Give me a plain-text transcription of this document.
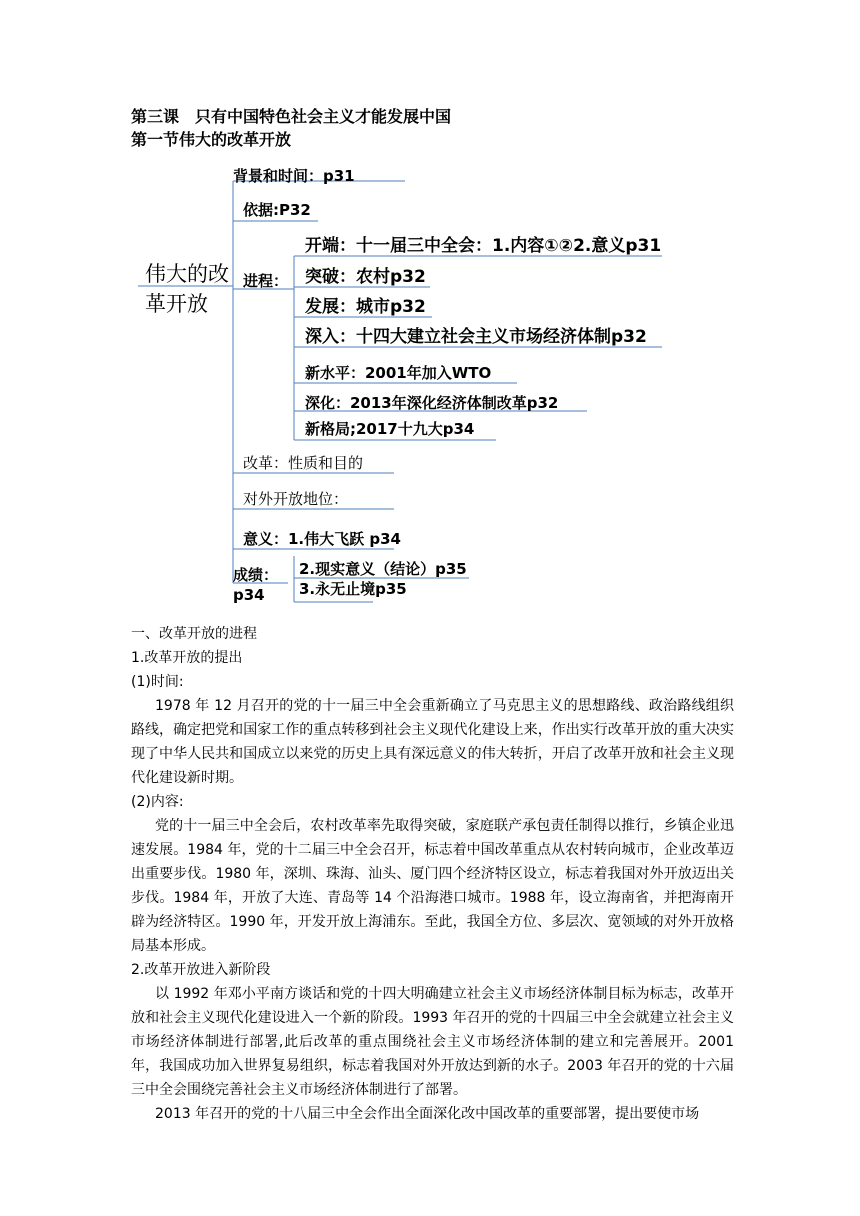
第三课　只有中国特色社会主义才能发展中国
第一节伟大的改革开放
伟大的改革开放
背景和时间：p31
依据:P32
进程：
开端：十一届三中全会：1.内容①②2.意义p31
突破：农村p32
发展：城市p32
深入：十四大建立社会主义市场经济体制p32
新水平：2001年加入WTO
深化：2013年深化经济体制改革p32
新格局;2017十九大p34
改革：性质和目的
对外开放地位：
意义：1.伟大飞跃 p34
成绩：
p34
2.现实意义（结论）p35
3.永无止境p35

一、改革开放的进程

1.改革开放的提出

(1)时间:

1978 年 12 月召开的党的十一届三中全会重新确立了马克思主义的思想路线、政治路线组织路线，确定把党和国家工作的重点转移到社会主义现代化建设上来，作出实行改革开放的重大决实现了中华人民共和国成立以来党的历史上具有深远意义的伟大转折，开启了改革开放和社会主义现代化建设新时期。

(2)内容:

党的十一届三中全会后，农村改革率先取得突破，家庭联产承包责任制得以推行，乡镇企业迅速发展。1984 年，党的十二届三中全会召开，标志着中国改革重点从农村转向城市，企业改革迈出重要步伐。1980 年，深圳、珠海、汕头、厦门四个经济特区设立，标志着我国对外开放迈出关步伐。1984 年，开放了大连、青岛等 14 个沿海港口城市。1988 年，设立海南省，并把海南开辟为经济特区。1990 年，开发开放上海浦东。至此，我国全方位、多层次、宽领域的对外开放格局基本形成。

2.改革开放进入新阶段

以 1992 年邓小平南方谈话和党的十四大明确建立社会主义市场经济体制目标为标志，改革开放和社会主义现代化建设进入一个新的阶段。1993 年召开的党的十四届三中全会就建立社会主义市场经济体制进行部署,此后改革的重点围绕社会主义市场经济体制的建立和完善展开。2001 年，我国成功加入世界复易组织，标志着我国对外开放达到新的水子。2003 年召开的党的十六届三中全会围绕完善社会主义市场经济体制进行了部署。

2013 年召开的党的十八届三中全会作出全面深化改中国改革的重要部署，提出要使市场
